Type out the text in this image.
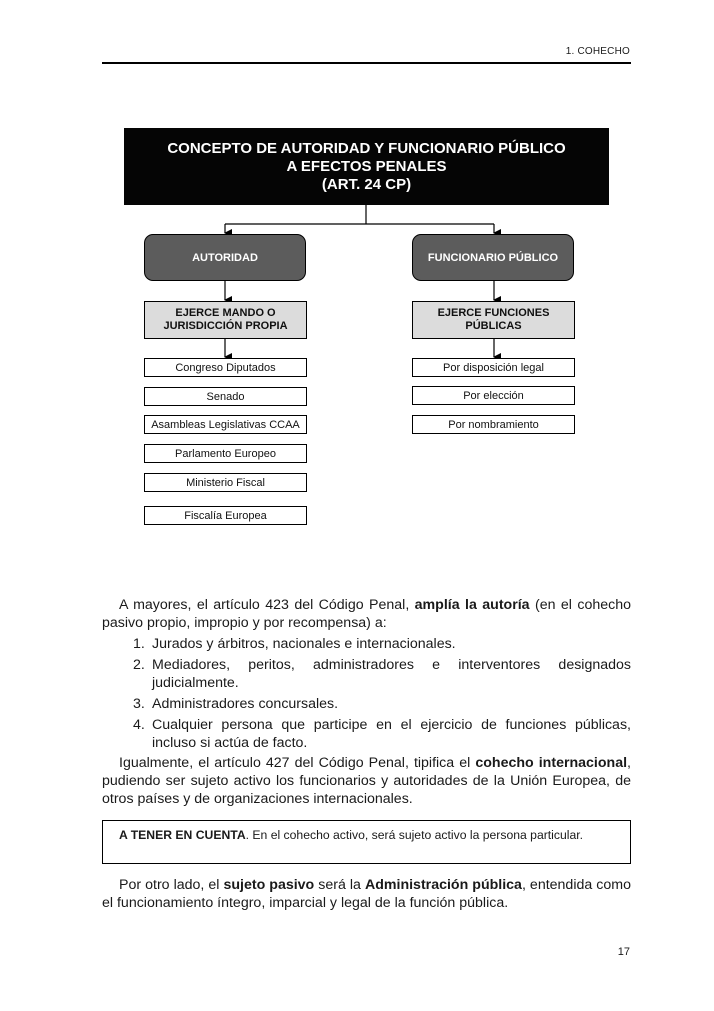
1. COHECHO
CONCEPTO DE AUTORIDAD Y FUNCIONARIO PÚBLICO
A EFECTOS PENALES
(ART. 24 CP)
AUTORIDAD	FUNCIONARIO PÚBLICO
EJERCE MANDO O
JURISDICCIÓN PROPIA
EJERCE FUNCIONES
PÚBLICAS
Congreso Diputados
Senado
Asambleas Legislativas CCAA
Parlamento Europeo
Ministerio Fiscal
Fiscalía Europea
Por disposición legal
Por elección
Por nombramiento

A mayores, el artículo 423 del Código Penal, amplía la autoría (en el cohecho pasivo propio, impropio y por recompensa) a:

1. Jurados y árbitros, nacionales e internacionales.
2. Mediadores, peritos, administradores e interventores designados judicialmente.
3. Administradores concursales.
4. Cualquier persona que participe en el ejercicio de funciones públicas, incluso si actúa de facto.

Igualmente, el artículo 427 del Código Penal, tipifica el cohecho internacional, pudiendo ser sujeto activo los funcionarios y autoridades de la Unión Europea, de otros países y de organizaciones internacionales.

A TENER EN CUENTA. En el cohecho activo, será sujeto activo la persona particular.

Por otro lado, el sujeto pasivo será la Administración pública, entendida como el funcionamiento íntegro, imparcial y legal de la función pública.

17
